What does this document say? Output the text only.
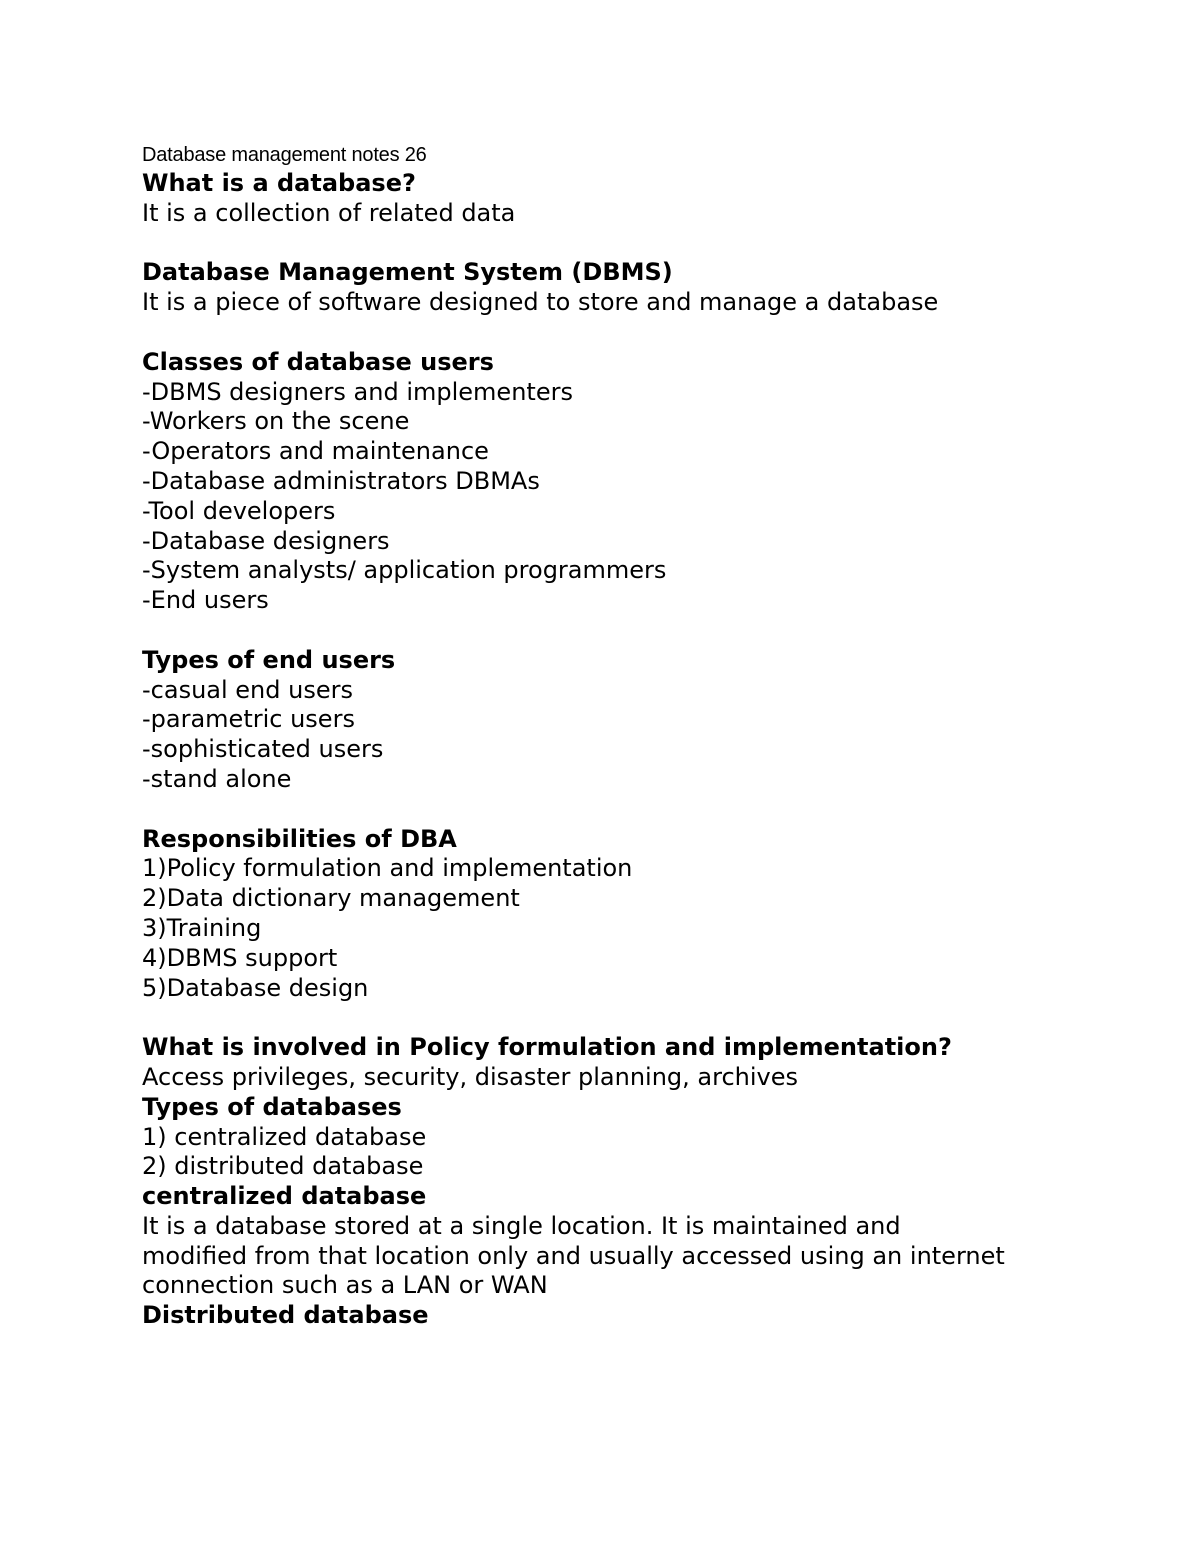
Database management notes 26
What is a database?
It is a collection of related data
Database Management System (DBMS)
It is a piece of software designed to store and manage a database
Classes of database users
-DBMS designers and implementers
-Workers on the scene
-Operators and maintenance
-Database administrators DBMAs
-Tool developers
-Database designers
-System analysts/ application programmers
-End users
Types of end users
-casual end users
-parametric users
-sophisticated users
-stand alone
Responsibilities of DBA
1)Policy formulation and implementation
2)Data dictionary management
3)Training
4)DBMS support
5)Database design
What is involved in Policy formulation and implementation?
Access privileges, security, disaster planning, archives
Types of databases
1) centralized database
2) distributed database
centralized database
It is a database stored at a single location. It is maintained and
modified from that location only and usually accessed using an internet
connection such as a LAN or WAN
Distributed database
